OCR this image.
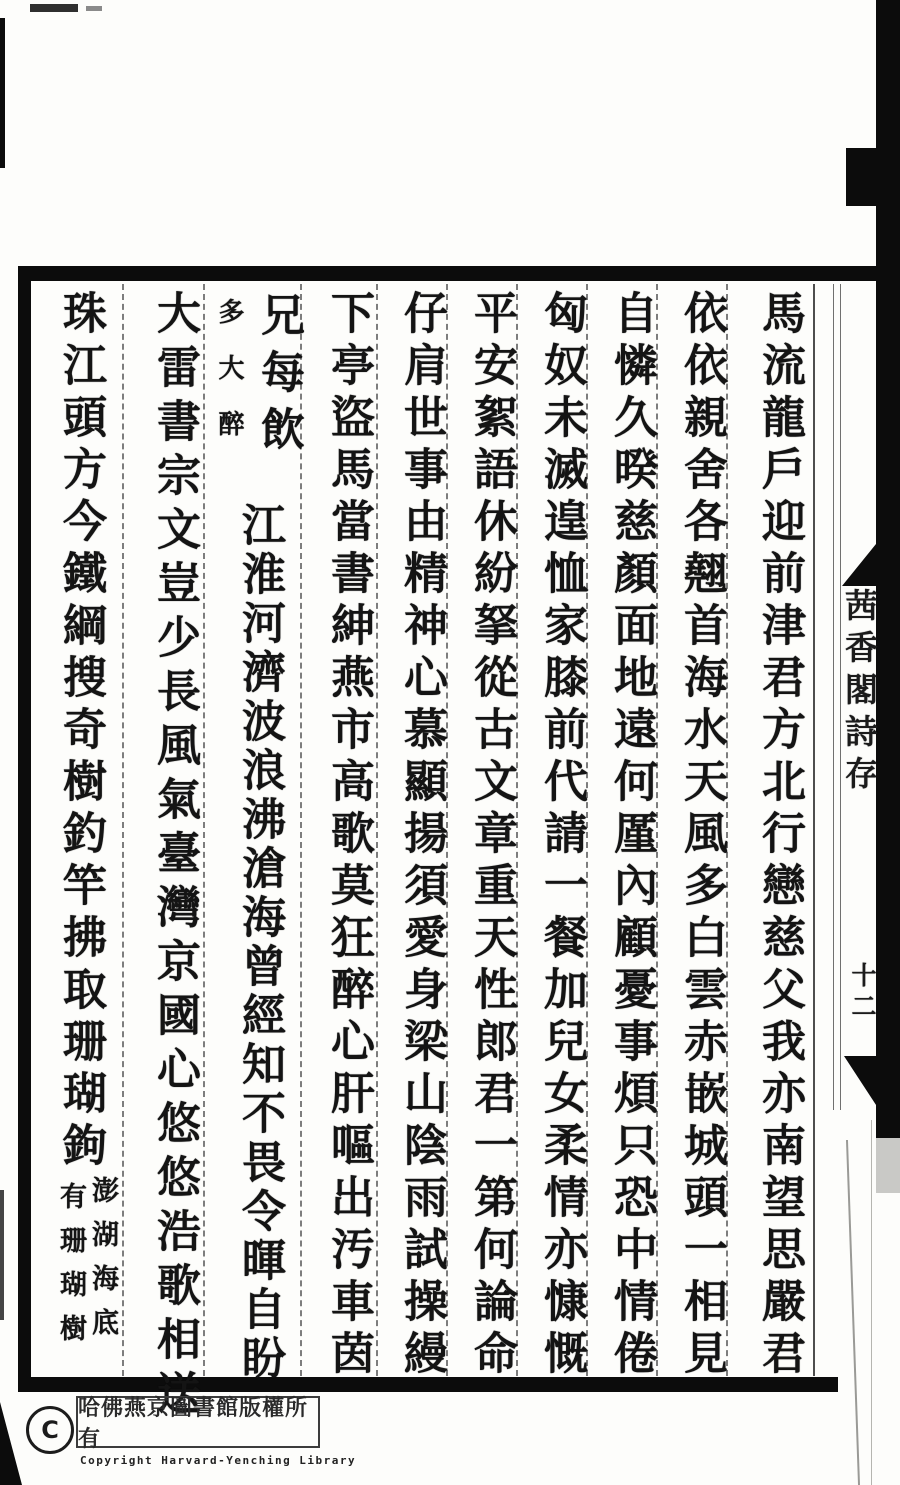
茜香閣詩存
十二
馬流龍戶迎前津君方北行戀慈父我亦南望思嚴君
依依親舍各翹首海水天風多白雲赤嵌城頭一相見
自憐久暌慈顏面地遠何厪內顧憂事煩只恐中情倦
匈奴未滅遑恤家膝前代請一餐加兒女柔情亦慷慨
平安絮語休紛拏從古文章重天性郎君一第何論命
仔肩世事由精神心慕顯揚須愛身梁山陰雨試操縵
下亭盜馬當書紳燕市高歌莫狂醉心肝嘔出汚車茵
兄每飲
多大醉
江淮河濟波浪沸滄海曾經知不畏令暉自盼
大雷書宗文豈少長風氣臺灣京國心悠悠浩歌相送
珠江頭方今鐵綱搜奇樹釣竿拂取珊瑚鉤
澎湖海底
有珊瑚樹
C
哈佛燕京圖書館版權所有
Copyright Harvard-Yenching Library
